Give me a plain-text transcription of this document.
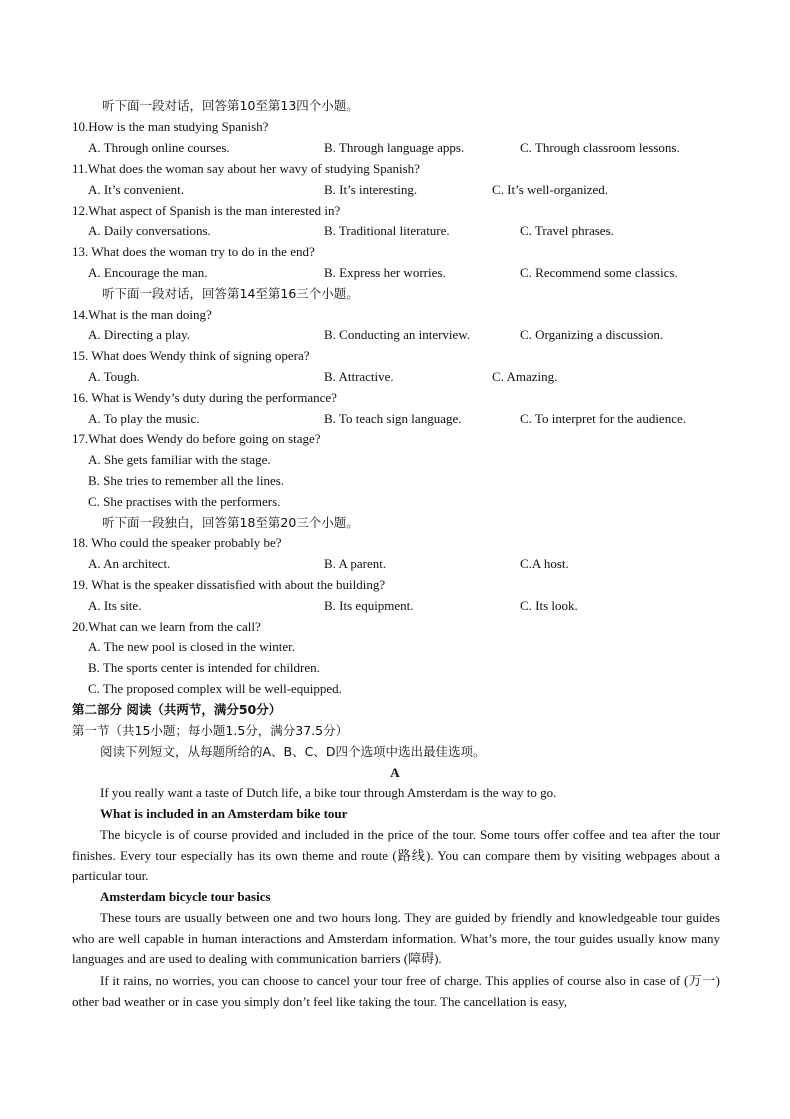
听下面一段对话，回答第10至第13四个小题。
10.How is the man studying Spanish?
A. Through online courses.	B. Through language apps.	C. Through classroom lessons.
11.What does the woman say about her wavy of studying Spanish?
A. It’s convenient.	B. It’s interesting.	C. It’s well-organized.
12.What aspect of Spanish is the man interested in?
A. Daily conversations.	B. Traditional literature.	C. Travel phrases.
13. What does the woman try to do in the end?
A. Encourage the man.	B. Express her worries.	C. Recommend some classics.
听下面一段对话，回答第14至第16三个小题。
14.What is the man doing?
A. Directing a play.	B. Conducting an interview.	C. Organizing a discussion.
15. What does Wendy think of signing opera?
A. Tough.	B. Attractive.	C. Amazing.
16. What is Wendy’s duty during the performance?
A. To play the music.	B. To teach sign language.	C. To interpret for the audience.
17.What does Wendy do before going on stage?
A. She gets familiar with the stage.
B. She tries to remember all the lines.
C. She practises with the performers.
听下面一段独白，回答第18至第20三个小题。
18. Who could the speaker probably be?
A. An architect.	B. A parent.	C.A host.
19. What is the speaker dissatisfied with about the building?
A. Its site.	B. Its equipment.	C. Its look.
20.What can we learn from the call?
A. The new pool is closed in the winter.
B. The sports center is intended for children.
C. The proposed complex will be well-equipped.
第二部分 阅读（共两节，满分50分）
第一节（共15小题；每小题1.5分，满分37.5分）
阅读下列短文，从每题所给的A、B、C、D四个选项中选出最佳选项。
A
If you really want a taste of Dutch life, a bike tour through Amsterdam is the way to go.
What is included in an Amsterdam bike tour
The bicycle is of course provided and included in the price of the tour. Some tours offer coffee and tea after the tour finishes. Every tour especially has its own theme and route (路线). You can compare them by visiting webpages about a particular tour.
Amsterdam bicycle tour basics
These tours are usually between one and two hours long. They are guided by friendly and knowledgeable tour guides who are well capable in human interactions and Amsterdam information. What’s more, the tour guides usually know many languages and are used to dealing with communication barriers (障碍).
If it rains, no worries, you can choose to cancel your tour free of charge. This applies of course also in case of (万一) other bad weather or in case you simply don’t feel like taking the tour. The cancellation is easy,
